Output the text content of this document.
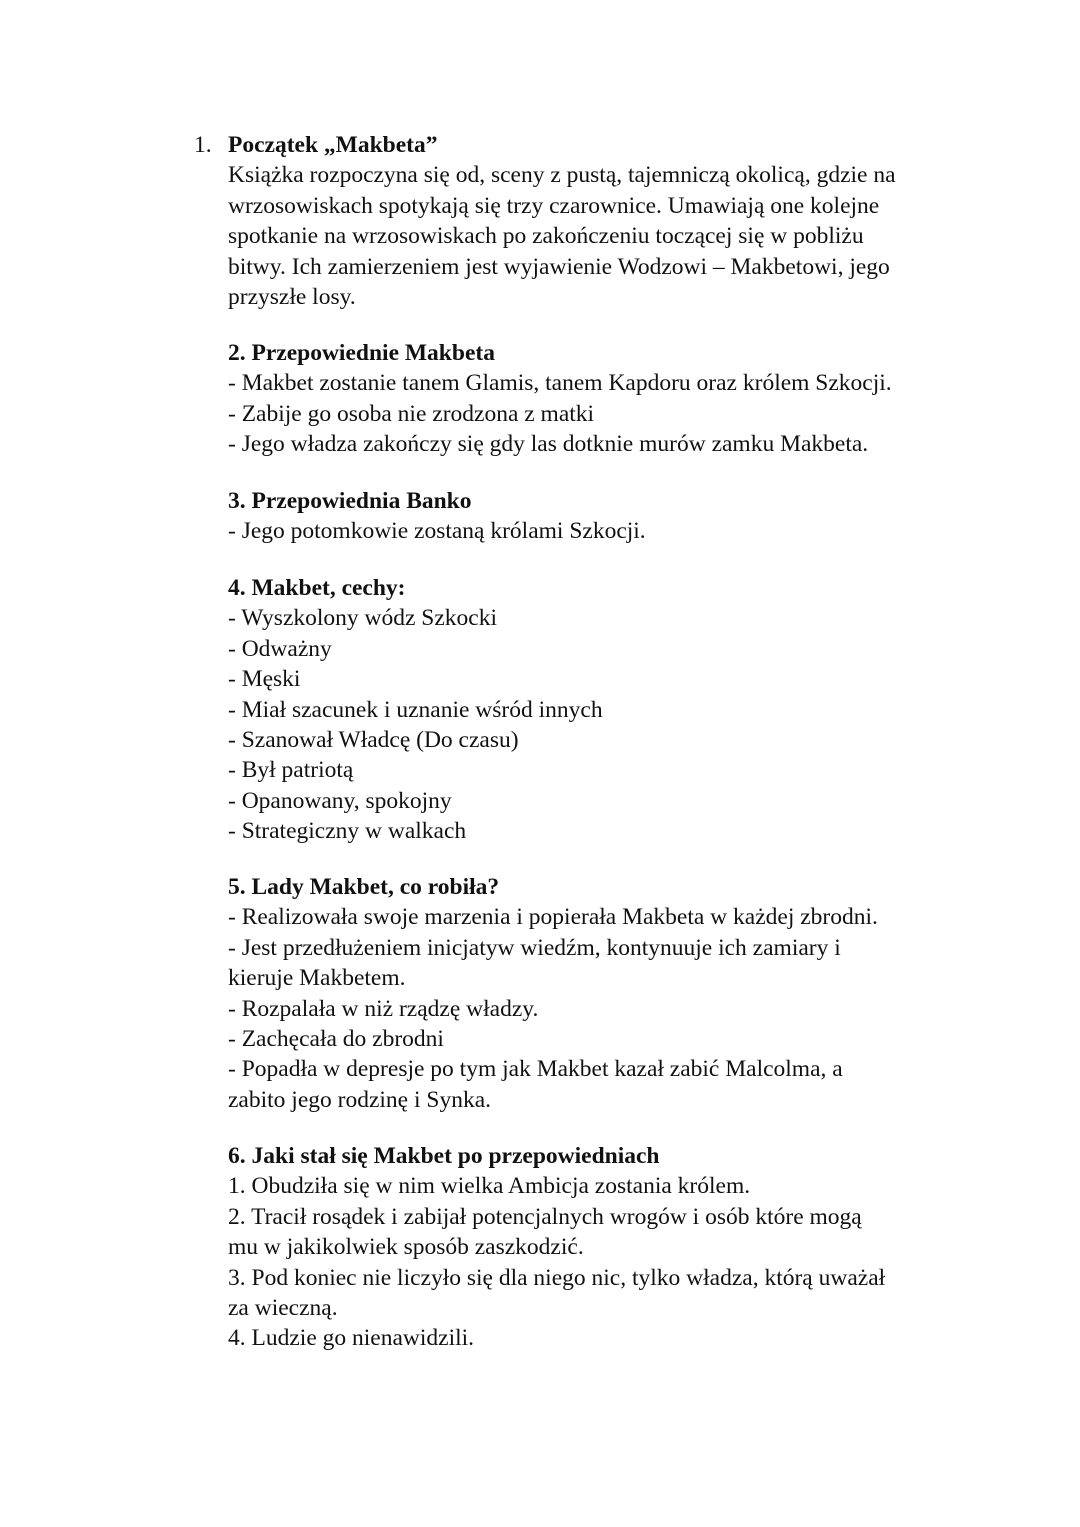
1. Początek „Makbeta”
Książka rozpoczyna się od, sceny z pustą, tajemniczą okolicą, gdzie na
wrzosowiskach spotykają się trzy czarownice. Umawiają one kolejne
spotkanie na wrzosowiskach po zakończeniu toczącej się w pobliżu
bitwy. Ich zamierzeniem jest wyjawienie Wodzowi – Makbetowi, jego
przyszłe losy.
2. Przepowiednie Makbeta
- Makbet zostanie tanem Glamis, tanem Kapdoru oraz królem Szkocji.
- Zabije go osoba nie zrodzona z matki
- Jego władza zakończy się gdy las dotknie murów zamku Makbeta.
3. Przepowiednia Banko
- Jego potomkowie zostaną królami Szkocji.
4. Makbet, cechy:
- Wyszkolony wódz Szkocki
- Odważny
- Męski
- Miał szacunek i uznanie wśród innych
- Szanował Władcę (Do czasu)
- Był patriotą
- Opanowany, spokojny
- Strategiczny w walkach
5. Lady Makbet, co robiła?
- Realizowała swoje marzenia i popierała Makbeta w każdej zbrodni.
- Jest przedłużeniem inicjatyw wiedźm, kontynuuje ich zamiary i
kieruje Makbetem.
- Rozpalała w niż rządzę władzy.
- Zachęcała do zbrodni
- Popadła w depresje po tym jak Makbet kazał zabić Malcolma, a
zabito jego rodzinę i Synka.
6. Jaki stał się Makbet po przepowiedniach
1. Obudziła się w nim wielka Ambicja zostania królem.
2. Tracił rosądek i zabijał potencjalnych wrogów i osób które mogą
mu w jakikolwiek sposób zaszkodzić.
3. Pod koniec nie liczyło się dla niego nic, tylko władza, którą uważał
za wieczną.
4. Ludzie go nienawidzili.
